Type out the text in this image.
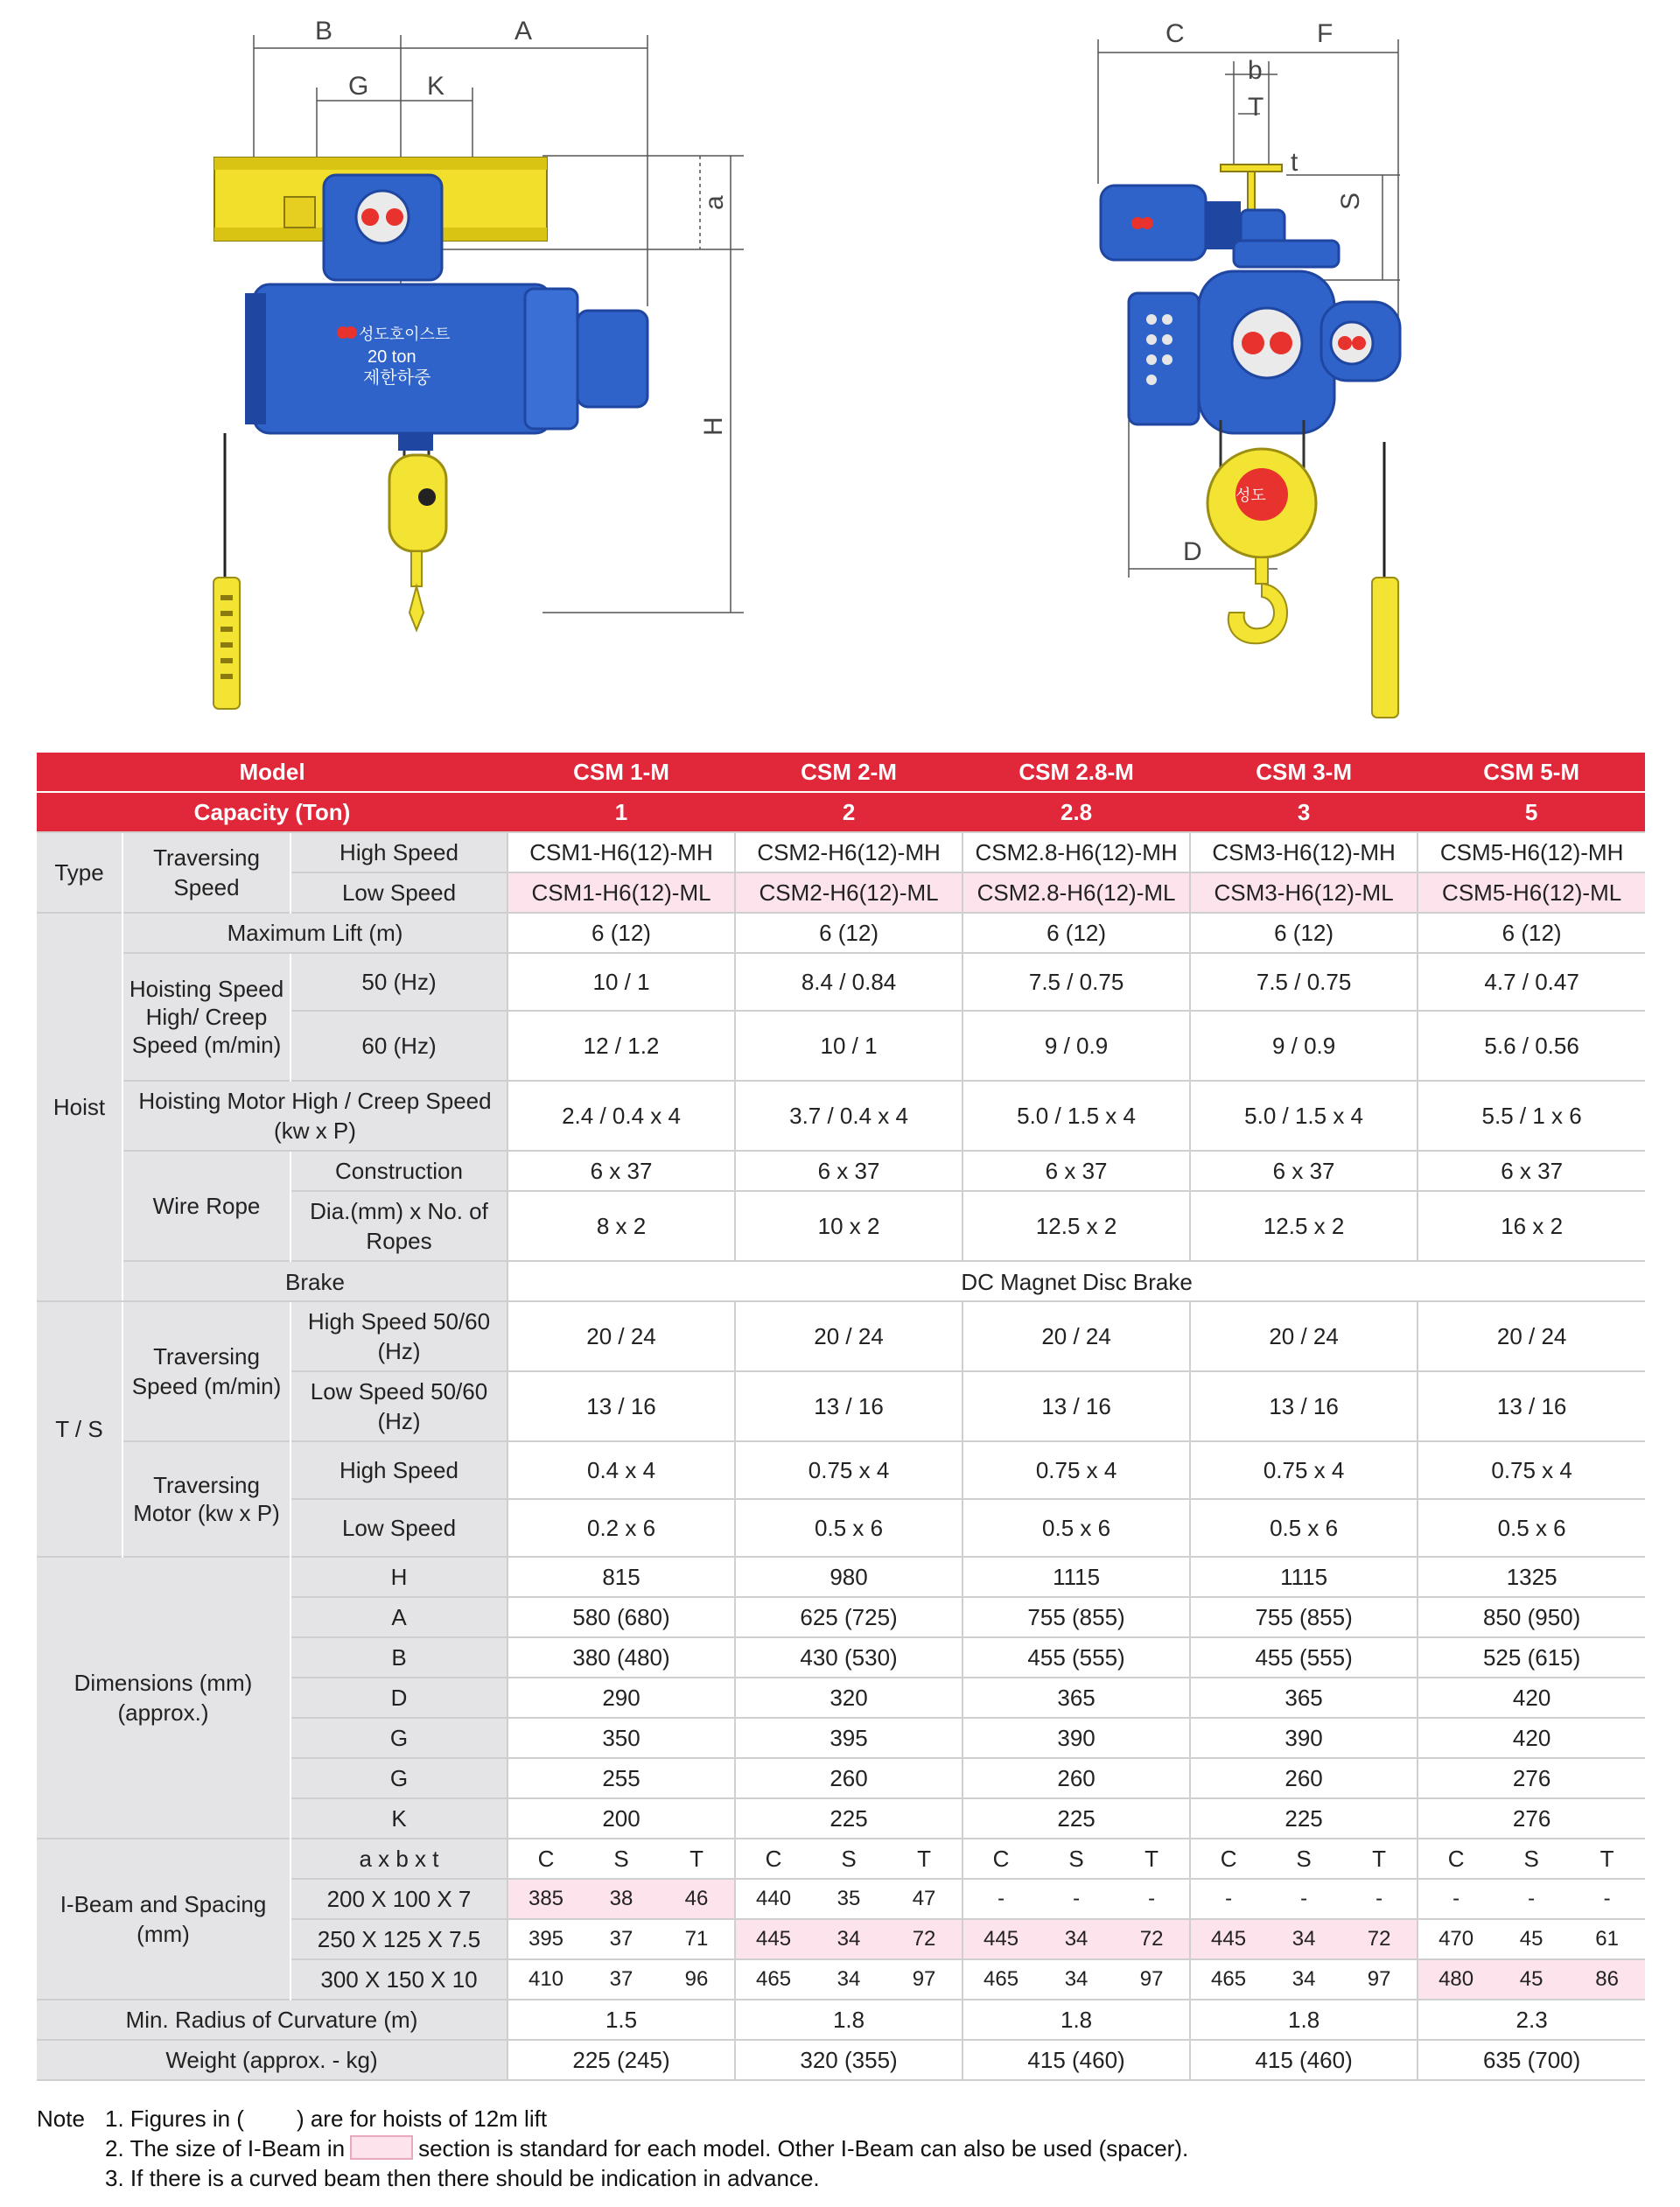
성도호이스트
20 ton
제한하중
B	A
G K
a
H
성도
C	F
b
T
t
S
D
Model			CSM 1-M			CSM 2-M			CSM 2.8-M			CSM 3-M			CSM 5-M		
Capacity (Ton)			1			2			2.8			3			5		
Type	Traversing Speed	High Speed	CSM1-H6(12)-MH			CSM2-H6(12)-MH			CSM2.8-H6(12)-MH			CSM3-H6(12)-MH			CSM5-H6(12)-MH		
		Low Speed	CSM1-H6(12)-ML			CSM2-H6(12)-ML			CSM2.8-H6(12)-ML			CSM3-H6(12)-ML			CSM5-H6(12)-ML		
Hoist	Maximum Lift (m)		6 (12)			6 (12)			6 (12)			6 (12)			6 (12)		
	Hoisting Speed High/ Creep Speed (m/min)	50 (Hz)	10 / 1			8.4 / 0.84			7.5 / 0.75			7.5 / 0.75			4.7 / 0.47		
		60 (Hz)	12 / 1.2			10 / 1			9 / 0.9			9 / 0.9			5.6 / 0.56		
	Hoisting Motor High / Creep Speed (kw x P)		2.4 / 0.4 x 4			3.7 / 0.4 x 4			5.0 / 1.5 x 4			5.0 / 1.5 x 4			5.5 / 1 x 6		
	Wire Rope	Construction	6 x 37			6 x 37			6 x 37			6 x 37			6 x 37		
		Dia.(mm) x No. of Ropes	8 x 2			10 x 2			12.5 x 2			12.5 x 2			16 x 2		
	Brake		DC Magnet Disc Brake														

T / S	Traversing Speed (m/min)	High Speed 50/60 (Hz)	20 / 24			20 / 24			20 / 24			20 / 24			20 / 24		
		Low Speed 50/60 (Hz)	13 / 16			13 / 16			13 / 16			13 / 16			13 / 16		
	Traversing Motor (kw x P)	High Speed	0.4 x 4			0.75 x 4			0.75 x 4			0.75 x 4			0.75 x 4		
		Low Speed	0.2 x 6			0.5 x 6			0.5 x 6			0.5 x 6			0.5 x 6		
Dimensions (mm) (approx.)		H	815			980			1115			1115			1325		
		A	580 (680)			625 (725)			755 (855)			755 (855)			850 (950)		
		B	380 (480)			430 (530)			455 (555)			455 (555)			525 (615)		
		D	290			320			365			365			420		
		G	350			395			390			390			420		
		G	255			260			260			260			276		
		K	200			225			225			225			276		
I-Beam and Spacing (mm)		a x b x t	C	S	T	C	S	T	C	S	T	C	S	T	C	S	T
		200 X 100 X 7	385	38	46	440	35	47	-	-	-	-	-	-	-	-	-
		250 X 125 X 7.5	395	37	71	445	34	72	445	34	72	445	34	72	470	45	61
		300 X 150 X 10	410	37	96	465	34	97	465	34	97	465	34	97	480	45	86
Min. Radius of Curvature (m)			1.5			1.8			1.8			1.8			2.3		
Weight (approx. - kg)			225 (245)			320 (355)			415 (460)			415 (460)			635 (700)		
Note 1. Figures in ( ) are for hoists of 12m lift
2. The size of I-Beam in	section is standard for each model. Other I-Beam can also be used (spacer).
3. If there is a curved beam then there should be indication in advance.
